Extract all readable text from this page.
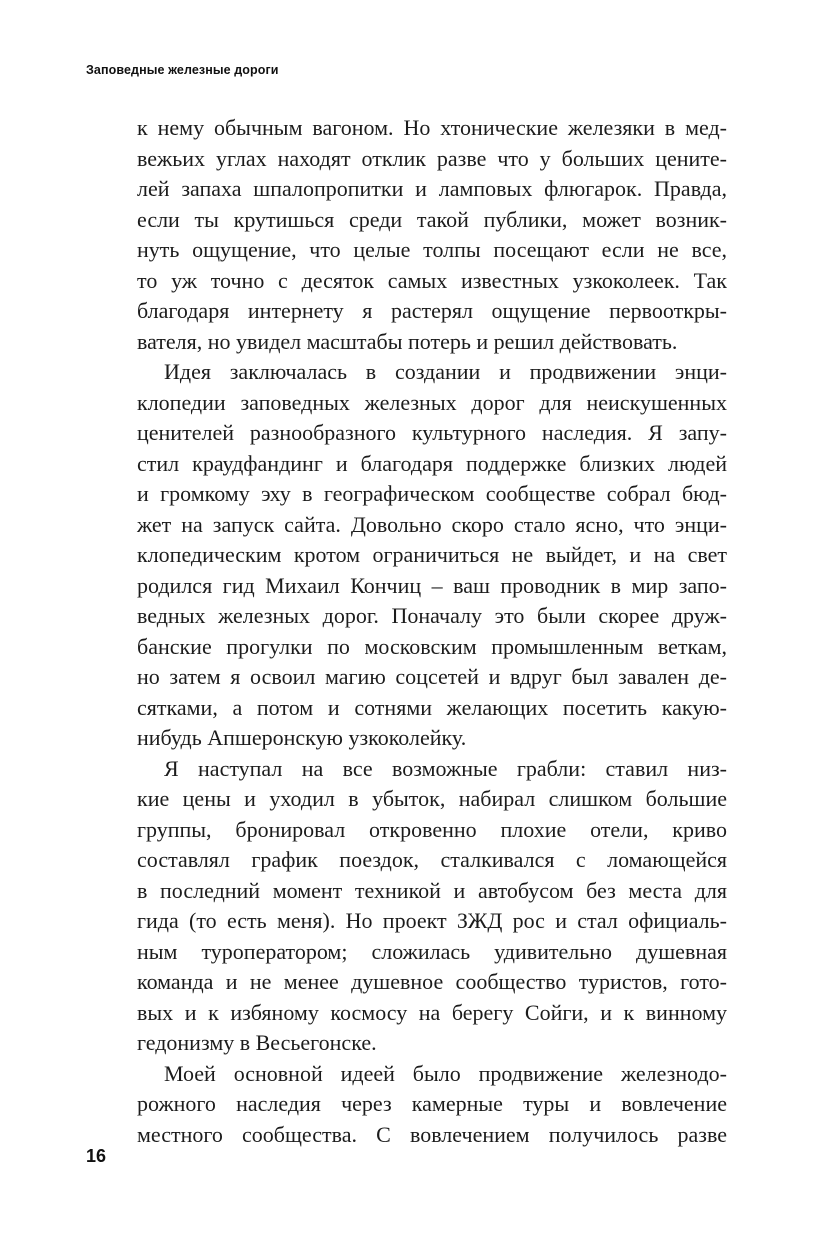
Заповедные железные дороги
к нему обычным вагоном. Но хтонические железяки в мед-
вежьих углах находят отклик разве что у больших цените-
лей запаха шпалопропитки и ламповых флюгарок. Правда,
если ты крутишься среди такой публики, может возник-
нуть ощущение, что целые толпы посещают если не все,
то уж точно с десяток самых известных узкоколеек. Так
благодаря интернету я растерял ощущение первооткры-
вателя, но увидел масштабы потерь и решил действовать.
Идея заключалась в создании и продвижении энци-
клопедии заповедных железных дорог для неискушенных
ценителей разнообразного культурного наследия. Я запу-
стил краудфандинг и благодаря поддержке близких людей
и громкому эху в географическом сообществе собрал бюд-
жет на запуск сайта. Довольно скоро стало ясно, что энци-
клопедическим кротом ограничиться не выйдет, и на свет
родился гид Михаил Кончиц – ваш проводник в мир запо-
ведных железных дорог. Поначалу это были скорее друж-
банские прогулки по московским промышленным веткам,
но затем я освоил магию соцсетей и вдруг был завален де-
сятками, а потом и сотнями желающих посетить какую-
нибудь Апшеронскую узкоколейку.
Я наступал на все возможные грабли: ставил низ-
кие цены и уходил в убыток, набирал слишком большие
группы, бронировал откровенно плохие отели, криво
составлял график поездок, сталкивался с ломающейся
в последний момент техникой и автобусом без места для
гида (то есть меня). Но проект ЗЖД рос и стал официаль-
ным туроператором; сложилась удивительно душевная
команда и не менее душевное сообщество туристов, гото-
вых и к избяному космосу на берегу Сойги, и к винному
гедонизму в Весьегонске.
Моей основной идеей было продвижение железнодо-
рожного наследия через камерные туры и вовлечение
местного сообщества. С вовлечением получилось разве
16
